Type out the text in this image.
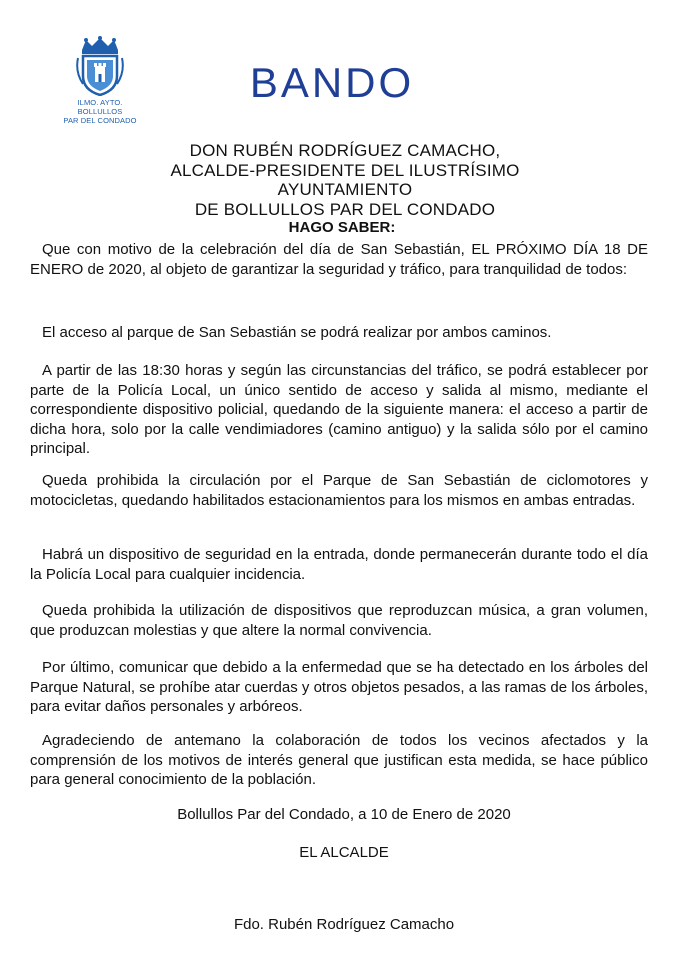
ILMO. AYTO. BOLLULLOS
PAR DEL CONDADO
BANDO
DON RUBÉN RODRÍGUEZ CAMACHO,
ALCALDE-PRESIDENTE DEL ILUSTRÍSIMO AYUNTAMIENTO
DE BOLLULLOS PAR DEL CONDADO
HAGO SABER:

Que con motivo de la celebración del día de San Sebastián, EL PRÓXIMO DÍA 18 DE ENERO de 2020, al objeto de garantizar la seguridad y tráfico, para tranquilidad de todos:

El acceso al parque de San Sebastián se podrá realizar por ambos caminos.

A partir de las 18:30 horas y según las circunstancias del tráfico, se podrá establecer por parte de la Policía Local, un único sentido de acceso y salida al mismo, mediante el correspondiente dispositivo policial, quedando de la siguiente manera: el acceso a partir de dicha hora, solo por la calle vendimiadores (camino antiguo) y la salida sólo por el camino principal.

Queda prohibida la circulación por el Parque de San Sebastián de ciclomotores y motocicletas, quedando habilitados estacionamientos para los mismos en ambas entradas.

Habrá un dispositivo de seguridad en la entrada, donde permanecerán durante todo el día la Policía Local para cualquier incidencia.

Queda prohibida la utilización de dispositivos que reproduzcan música, a gran volumen, que produzcan molestias y que altere la normal convivencia.

Por último, comunicar que debido a la enfermedad que se ha detectado en los árboles del Parque Natural, se prohíbe atar cuerdas y otros objetos pesados, a las ramas de los árboles, para evitar daños personales y arbóreos.

Agradeciendo de antemano la colaboración de todos los vecinos afectados y la comprensión de los motivos de interés general que justifican esta medida, se hace público para general conocimiento de la población.

Bollullos Par del Condado, a 10 de Enero de 2020
EL ALCALDE
Fdo. Rubén Rodríguez Camacho
